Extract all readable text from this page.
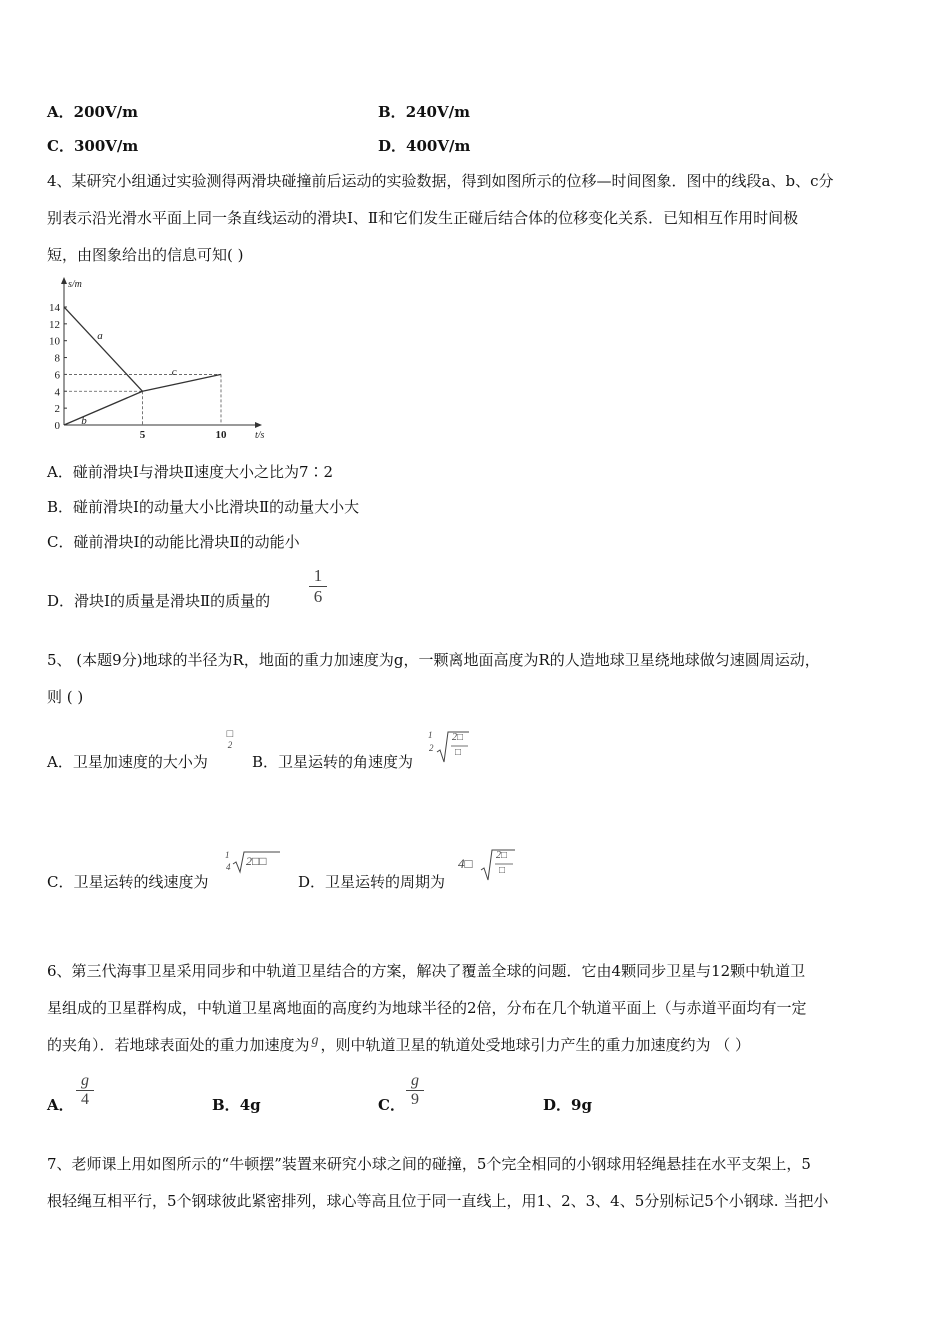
A．200V/m	B．240V/m
C．300V/m	D．400V/m
4、某研究小组通过实验测得两滑块碰撞前后运动的实验数据，得到如图所示的位移—时间图象．图中的线段a、b、c分
别表示沿光滑水平面上同一条直线运动的滑块Ⅰ、Ⅱ和它们发生正碰后结合体的位移变化关系．已知相互作用时间极
短，由图象给出的信息可知( )
0
2
4
6
8
10
12
14
5	10
s/m
t/s
a
b
c
A．碰前滑块Ⅰ与滑块Ⅱ速度大小之比为7∶2
B．碰前滑块Ⅰ的动量大小比滑块Ⅱ的动量大小大
C．碰前滑块Ⅰ的动能比滑块Ⅱ的动能小
D．滑块Ⅰ的质量是滑块Ⅱ的质量的 $\frac{1}{6}$
5、 (本题9分)地球的半径为R，地面的重力加速度为g，一颗离地面高度为R的人造地球卫星绕地球做匀速圆周运动，
则 ( )
A．卫星加速度的大小为
□
2
B．卫星运转的角速度为
1
2
2□
□
C．卫星运转的线速度为
1
4 2□□
D．卫星运转的周期为
4□
2□
□
6、第三代海事卫星采用同步和中轨道卫星结合的方案，解决了覆盖全球的问题．它由4颗同步卫星与12颗中轨道卫
星组成的卫星群构成，中轨道卫星离地面的高度约为地球半径的2倍，分布在几个轨道平面上（与赤道平面均有一定
的夹角）．若地球表面处的重力加速度为 g ，则中轨道卫星的轨道处受地球引力产生的重力加速度约为 （ ）
A． $\frac{g}{4}$	B．4g	C． $\frac{g}{9}$	D．9g
7、老师课上用如图所示的“牛顿摆”装置来研究小球之间的碰撞，5个完全相同的小钢球用轻绳悬挂在水平支架上，5
根轻绳互相平行，5个钢球彼此紧密排列，球心等高且位于同一直线上，用1、2、3、4、5分别标记5个小钢球. 当把小
